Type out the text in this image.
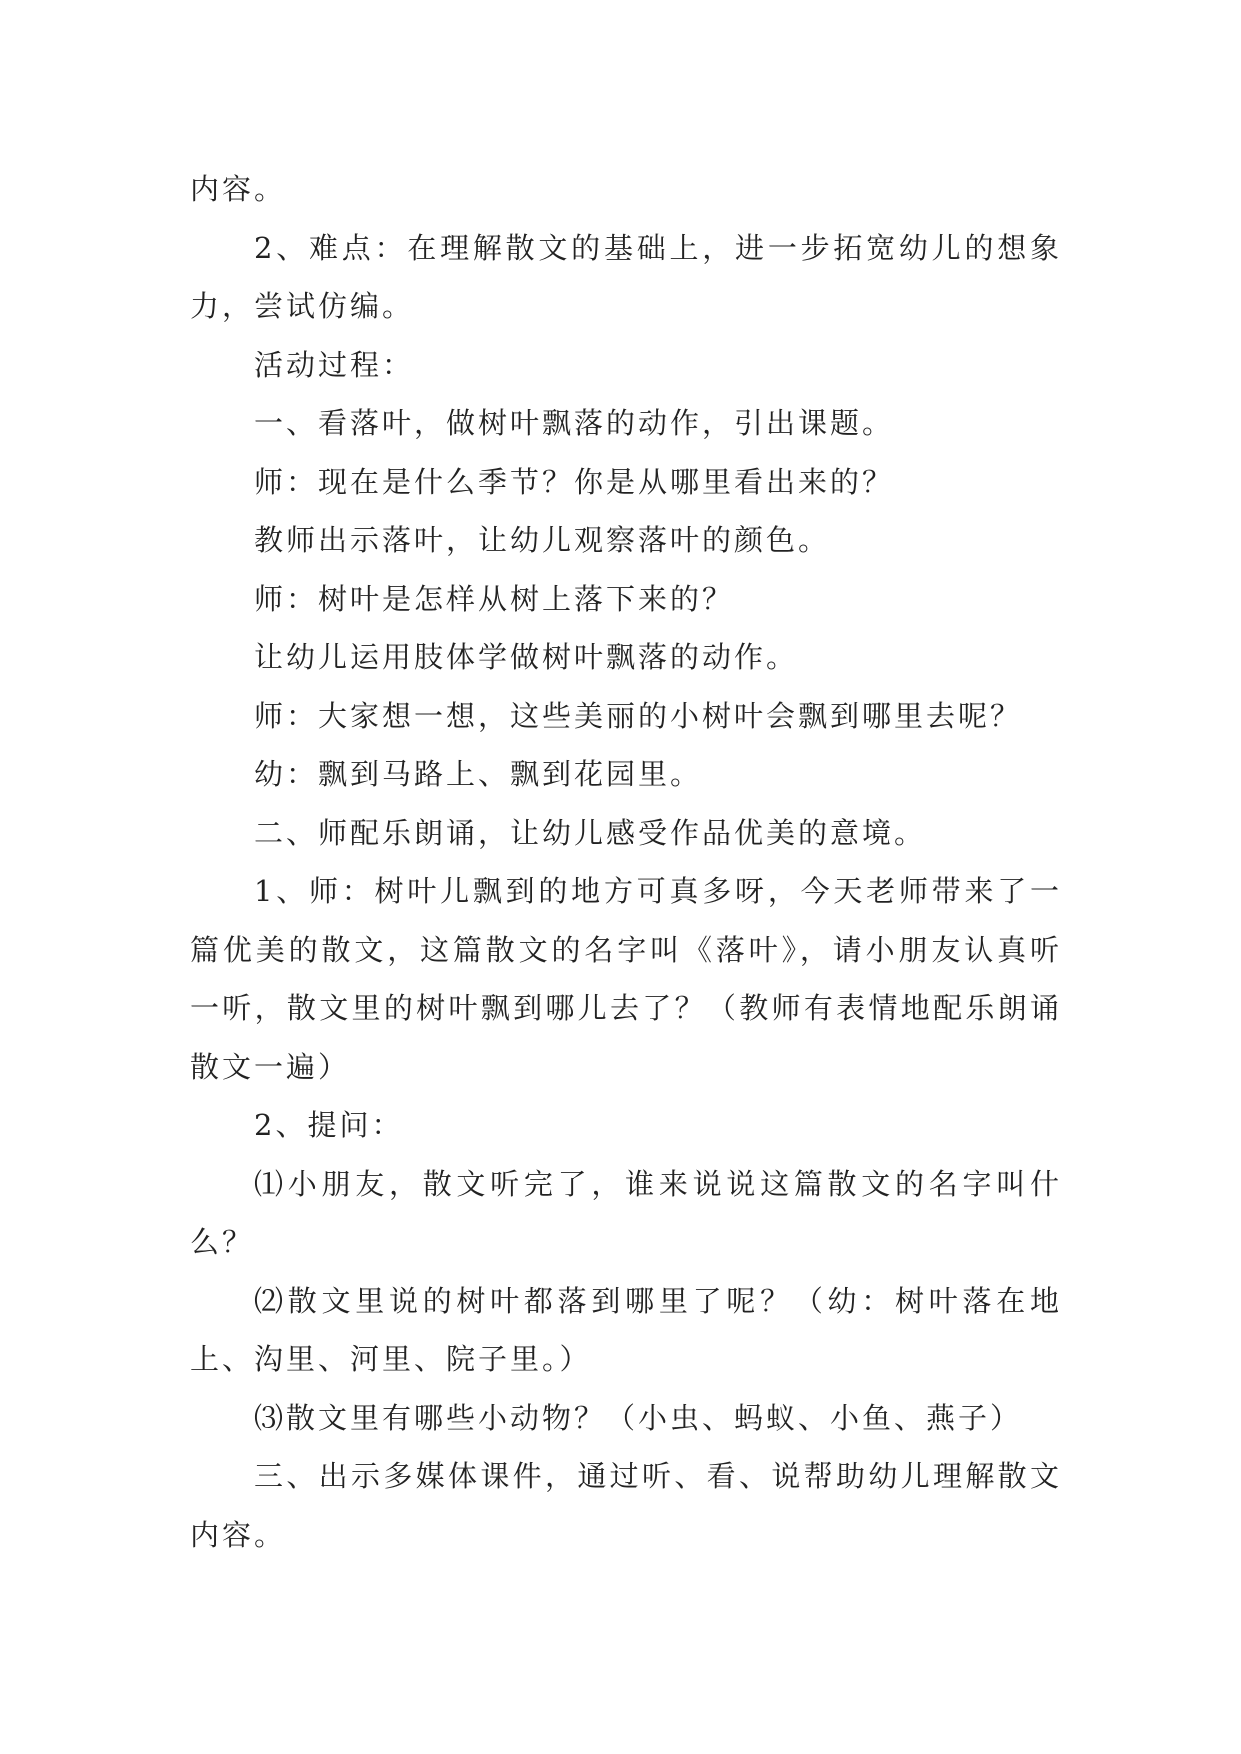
内容。

2、难点：在理解散文的基础上，进一步拓宽幼儿的想象力，尝试仿编。

活动过程：

一、看落叶，做树叶飘落的动作，引出课题。

师：现在是什么季节？你是从哪里看出来的？

教师出示落叶，让幼儿观察落叶的颜色。

师：树叶是怎样从树上落下来的？

让幼儿运用肢体学做树叶飘落的动作。

师：大家想一想，这些美丽的小树叶会飘到哪里去呢？

幼：飘到马路上、飘到花园里。

二、师配乐朗诵，让幼儿感受作品优美的意境。

1、师：树叶儿飘到的地方可真多呀，今天老师带来了一篇优美的散文，这篇散文的名字叫《落叶》，请小朋友认真听一听，散文里的树叶飘到哪儿去了？（教师有表情地配乐朗诵散文一遍）

2、提问：

⑴小朋友，散文听完了，谁来说说这篇散文的名字叫什么？

⑵散文里说的树叶都落到哪里了呢？（幼：树叶落在地上、沟里、河里、院子里。）

⑶散文里有哪些小动物？（小虫、蚂蚁、小鱼、燕子）

三、出示多媒体课件，通过听、看、说帮助幼儿理解散文内容。
